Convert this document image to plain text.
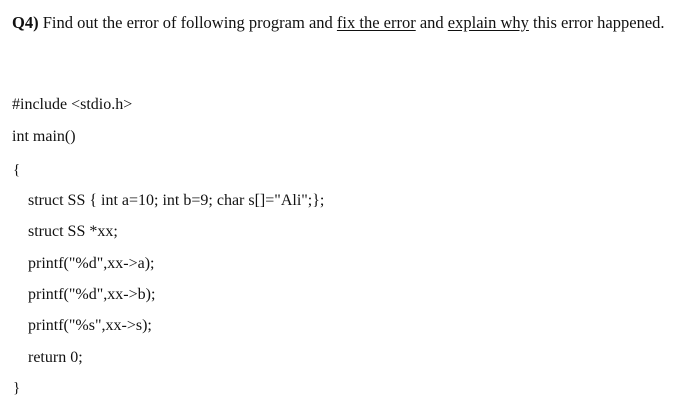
Q4) Find out the error of following program and fix the error and explain why this error happened.
#include <stdio.h>
int main()
{
struct SS { int a=10; int b=9; char s[]="Ali";};
struct SS *xx;
printf("%d",xx->a);
printf("%d",xx->b);
printf("%s",xx->s);
return 0;
}
